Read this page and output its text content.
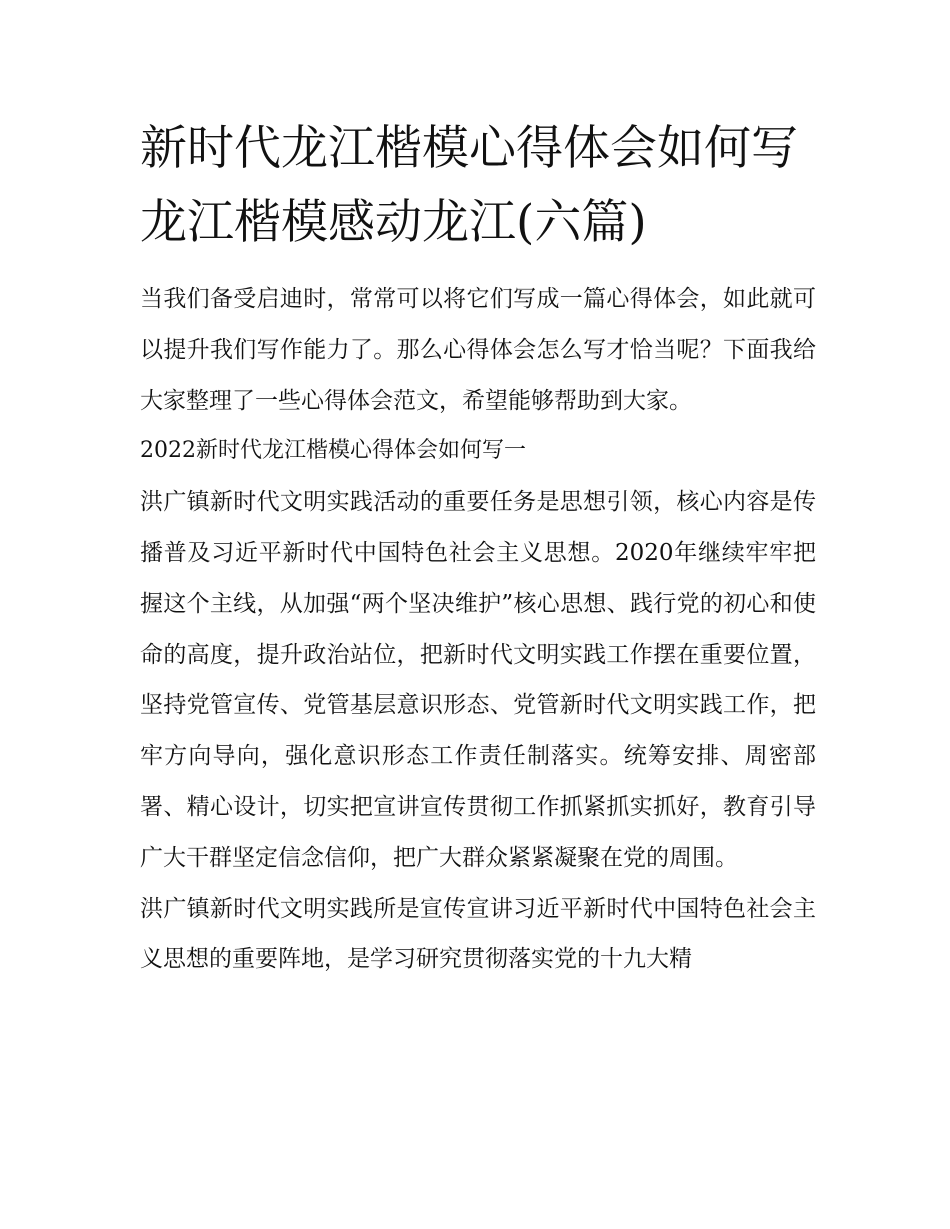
新时代龙江楷模心得体会如何写 龙江楷模感动龙江(六篇)

当我们备受启迪时，常常可以将它们写成一篇心得体会，如此就可以提升我们写作能力了。那么心得体会怎么写才恰当呢？下面我给大家整理了一些心得体会范文，希望能够帮助到大家。

2022新时代龙江楷模心得体会如何写一

洪广镇新时代文明实践活动的重要任务是思想引领，核心内容是传播普及习近平新时代中国特色社会主义思想。2020年继续牢牢把握这个主线，从加强“两个坚决维护”核心思想、践行党的初心和使命的高度，提升政治站位，把新时代文明实践工作摆在重要位置，坚持党管宣传、党管基层意识形态、党管新时代文明实践工作，把牢方向导向，强化意识形态工作责任制落实。统筹安排、周密部署、精心设计，切实把宣讲宣传贯彻工作抓紧抓实抓好，教育引导广大干群坚定信念信仰，把广大群众紧紧凝聚在党的周围。

洪广镇新时代文明实践所是宣传宣讲习近平新时代中国特色社会主义思想的重要阵地，是学习研究贯彻落实党的十九大精
